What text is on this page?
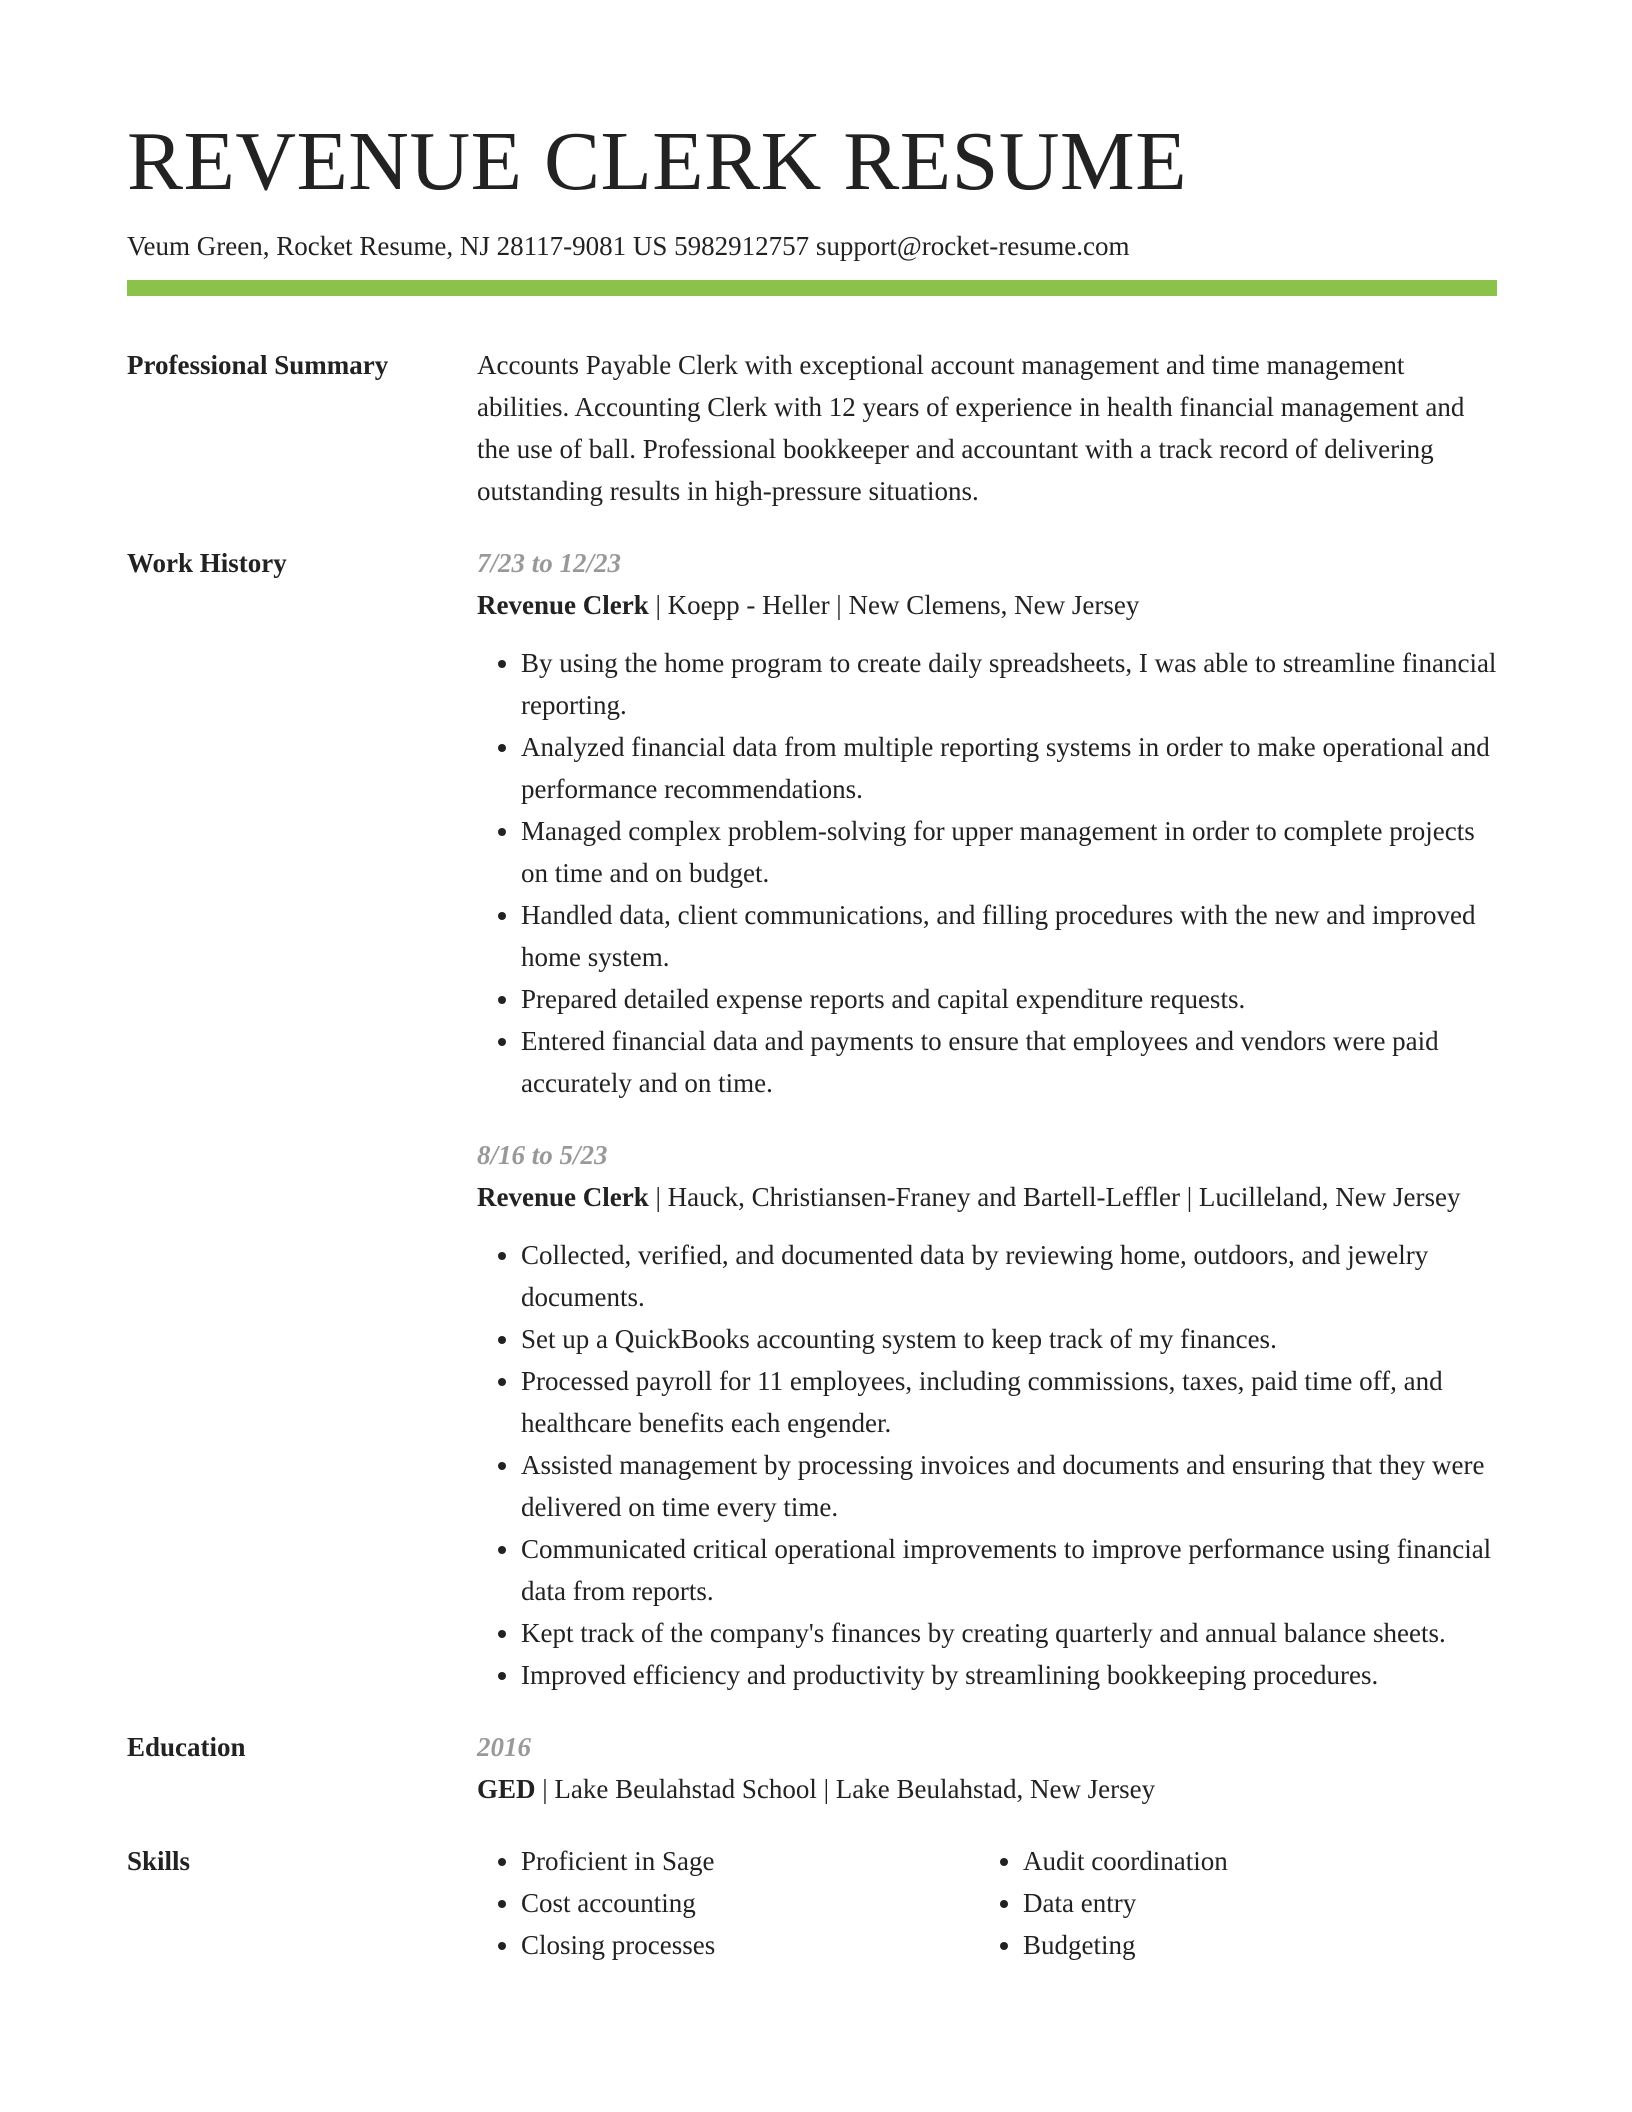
REVENUE CLERK RESUME
Veum Green, Rocket Resume, NJ 28117-9081 US 5982912757 support@rocket-resume.com
Professional Summary	Accounts Payable Clerk with exceptional account management and time management abilities. Accounting Clerk with 12 years of experience in health financial management and the use of ball. Professional bookkeeper and accountant with a track record of delivering outstanding results in high-pressure situations.
Work History	7/23 to 12/23
Revenue Clerk | Koepp - Heller | New Clemens, New Jersey
• By using the home program to create daily spreadsheets, I was able to streamline financial reporting.
• Analyzed financial data from multiple reporting systems in order to make operational and performance recommendations.
• Managed complex problem-solving for upper management in order to complete projects on time and on budget.
• Handled data, client communications, and filling procedures with the new and improved home system.
• Prepared detailed expense reports and capital expenditure requests.
• Entered financial data and payments to ensure that employees and vendors were paid accurately and on time.
8/16 to 5/23
Revenue Clerk | Hauck, Christiansen-Franey and Bartell-Leffler | Lucilleland, New Jersey
• Collected, verified, and documented data by reviewing home, outdoors, and jewelry documents.
• Set up a QuickBooks accounting system to keep track of my finances.
• Processed payroll for 11 employees, including commissions, taxes, paid time off, and healthcare benefits each engender.
• Assisted management by processing invoices and documents and ensuring that they were delivered on time every time.
• Communicated critical operational improvements to improve performance using financial data from reports.
• Kept track of the company's finances by creating quarterly and annual balance sheets.
• Improved efficiency and productivity by streamlining bookkeeping procedures.
Education	2016
GED | Lake Beulahstad School | Lake Beulahstad, New Jersey
Skills
•	Proficient in Sage
• Cost accounting
• Closing processes
• Audit coordination
• Data entry
• Budgeting
